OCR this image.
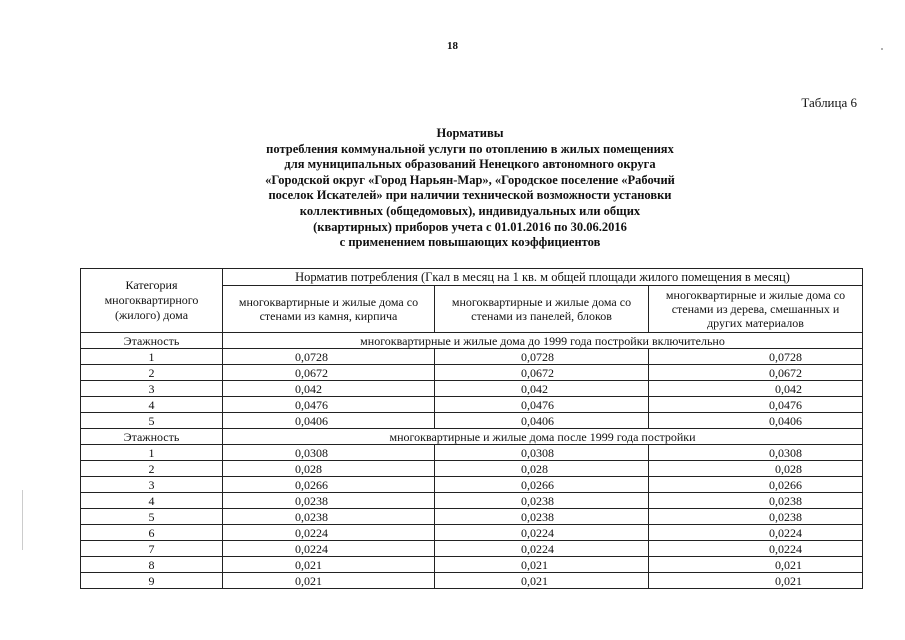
18
Таблица 6
Нормативы
потребления коммунальной услуги по отоплению в жилых помещениях
для муниципальных образований Ненецкого автономного округа
«Городской округ «Город Нарьян-Мар», «Городское поселение «Рабочий
поселок Искателей» при наличии технической возможности установки
коллективных (общедомовых), индивидуальных или общих
(квартирных) приборов учета с 01.01.2016 по 30.06.2016
с применением повышающих коэффициентов
Категория многоквартирного (жилого) дома	Норматив потребления (Гкал в месяц на 1 кв. м общей площади жилого помещения в месяц)		
	многоквартирные и жилые дома со стенами из камня, кирпича	многоквартирные и жилые дома со стенами из панелей, блоков	многоквартирные и жилые дома со стенами из дерева, смешанных и других материалов
Этажность	многоквартирные и жилые дома до 1999 года постройки включительно		
1	0,0728	0,0728	0,0728
2	0,0672	0,0672	0,0672
3	0,042	0,042	0,042
4	0,0476	0,0476	0,0476
5	0,0406	0,0406	0,0406
Этажность	многоквартирные и жилые дома после 1999 года постройки		
1	0,0308	0,0308	0,0308
2	0,028	0,028	0,028
3	0,0266	0,0266	0,0266
4	0,0238	0,0238	0,0238
5	0,0238	0,0238	0,0238
6	0,0224	0,0224	0,0224
7	0,0224	0,0224	0,0224
8	0,021	0,021	0,021
9	0,021	0,021	0,021
